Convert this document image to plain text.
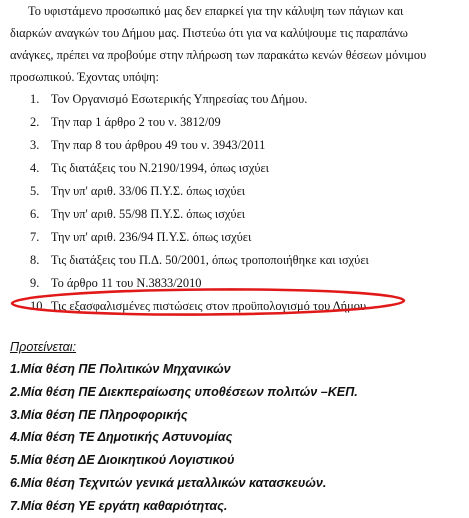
Το υφιστάμενο προσωπικό μας δεν επαρκεί για την κάλυψη των πάγιων και
διαρκών αναγκών του Δήμου μας. Πιστεύω ότι για να καλύψουμε τις παραπάνω
ανάγκες, πρέπει να προβούμε στην πλήρωση των παρακάτω κενών θέσεων μόνιμου
προσωπικού. Έχοντας υπόψη:
1. Τον Οργανισμό Εσωτερικής Υπηρεσίας του Δήμου.
2. Την παρ 1 άρθρο 2 του ν. 3812/09
3. Την παρ 8 του άρθρου 49 του ν. 3943/2011
4. Τις διατάξεις του Ν.2190/1994, όπως ισχύει
5. Την υπ' αριθ. 33/06 Π.Υ.Σ. όπως ισχύει
6. Την υπ' αριθ. 55/98 Π.Υ.Σ. όπως ισχύει
7. Την υπ' αριθ. 236/94 Π.Υ.Σ. όπως ισχύει
8. Τις διατάξεις του Π.Δ. 50/2001, όπως τροποποιήθηκε και ισχύει
9. Το άρθρο 11 του Ν.3833/2010
10. Τις εξασφαλισμένες πιστώσεις στον προϋπολογισμό του Δήμου
Προτείνεται:
1.Μία θέση ΠΕ Πολιτικών Μηχανικών
2.Μία θέση ΠΕ Διεκπεραίωσης υποθέσεων πολιτών –ΚΕΠ.
3.Μία θέση ΠΕ Πληροφορικής
4.Μία θέση ΤΕ Δημοτικής Αστυνομίας
5.Μία θέση ΔΕ Διοικητικού Λογιστικού
6.Μία θέση Τεχνιτών γενικά μεταλλικών κατασκευών.
7.Μία θέση ΥΕ εργάτη καθαριότητας.
